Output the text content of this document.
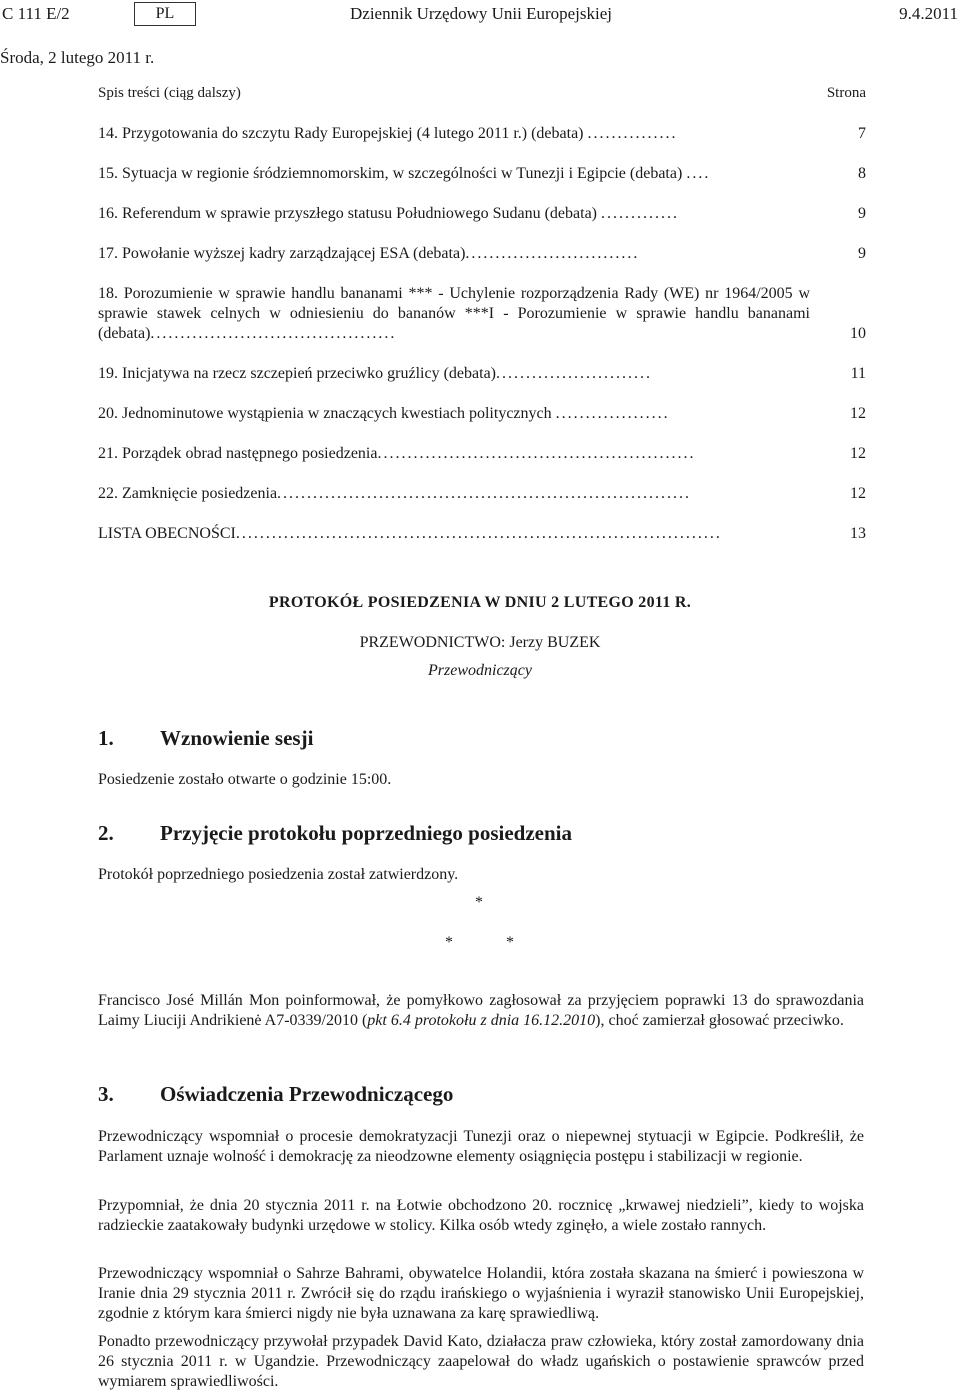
C 111 E/2	PL	Dziennik Urzędowy Unii Europejskiej	9.4.2011
Środa, 2 lutego 2011 r.
Spis treści (ciąg dalszy)	Strona
14. Przygotowania do szczytu Rady Europejskiej (4 lutego 2011 r.) (debata) ...............	7
15. Sytuacja w regionie śródziemnomorskim, w szczególności w Tunezji i Egipcie (debata) ....	8
16. Referendum w sprawie przyszłego statusu Południowego Sudanu (debata) .............	9
17. Powołanie wyższej kadry zarządzającej ESA (debata).............................	9
18. Porozumienie w sprawie handlu bananami *** - Uchylenie rozporządzenia Rady (WE) nr 1964/2005 w sprawie stawek celnych w odniesieniu do bananów ***I - Porozumienie w sprawie handlu bananami (debata).........................................	10
19. Inicjatywa na rzecz szczepień przeciwko gruźlicy (debata)..........................	11
20. Jednominutowe wystąpienia w znaczących kwestiach politycznych ...................	12
21. Porządek obrad następnego posiedzenia.....................................................	12
22. Zamknięcie posiedzenia.....................................................................	12
LISTA OBECNOŚCI.................................................................................	13
PROTOKÓŁ POSIEDZENIA W DNIU 2 LUTEGO 2011 R.
PRZEWODNICTWO: Jerzy BUZEK
Przewodniczący
1. Wznowienie sesji
Posiedzenie zostało otwarte o godzinie 15:00.
2. Przyjęcie protokołu poprzedniego posiedzenia
Protokół poprzedniego posiedzenia został zatwierdzony.
*
*	*
Francisco José Millán Mon poinformował, że pomyłkowo zagłosował za przyjęciem poprawki 13 do sprawozdania Laimy Liuciji Andrikienė A7-0339/2010 (pkt 6.4 protokołu z dnia 16.12.2010), choć zamierzał głosować przeciwko.
3. Oświadczenia Przewodniczącego
Przewodniczący wspomniał o procesie demokratyzacji Tunezji oraz o niepewnej stytuacji w Egipcie. Podkreślił, że Parlament uznaje wolność i demokrację za nieodzowne elementy osiągnięcia postępu i stabilizacji w regionie.
Przypomniał, że dnia 20 stycznia 2011 r. na Łotwie obchodzono 20. rocznicę „krwawej niedzieli”, kiedy to wojska radzieckie zaatakowały budynki urzędowe w stolicy. Kilka osób wtedy zginęło, a wiele zostało rannych.
Przewodniczący wspomniał o Sahrze Bahrami, obywatelce Holandii, która została skazana na śmierć i powieszona w Iranie dnia 29 stycznia 2011 r. Zwrócił się do rządu irańskiego o wyjaśnienia i wyraził stanowisko Unii Europejskiej, zgodnie z którym kara śmierci nigdy nie była uznawana za karę sprawiedliwą.
Ponadto przewodniczący przywołał przypadek David Kato, działacza praw człowieka, który został zamordowany dnia 26 stycznia 2011 r. w Ugandzie. Przewodniczący zaapelował do władz ugańskich o postawienie sprawców przed wymiarem sprawiedliwości.
